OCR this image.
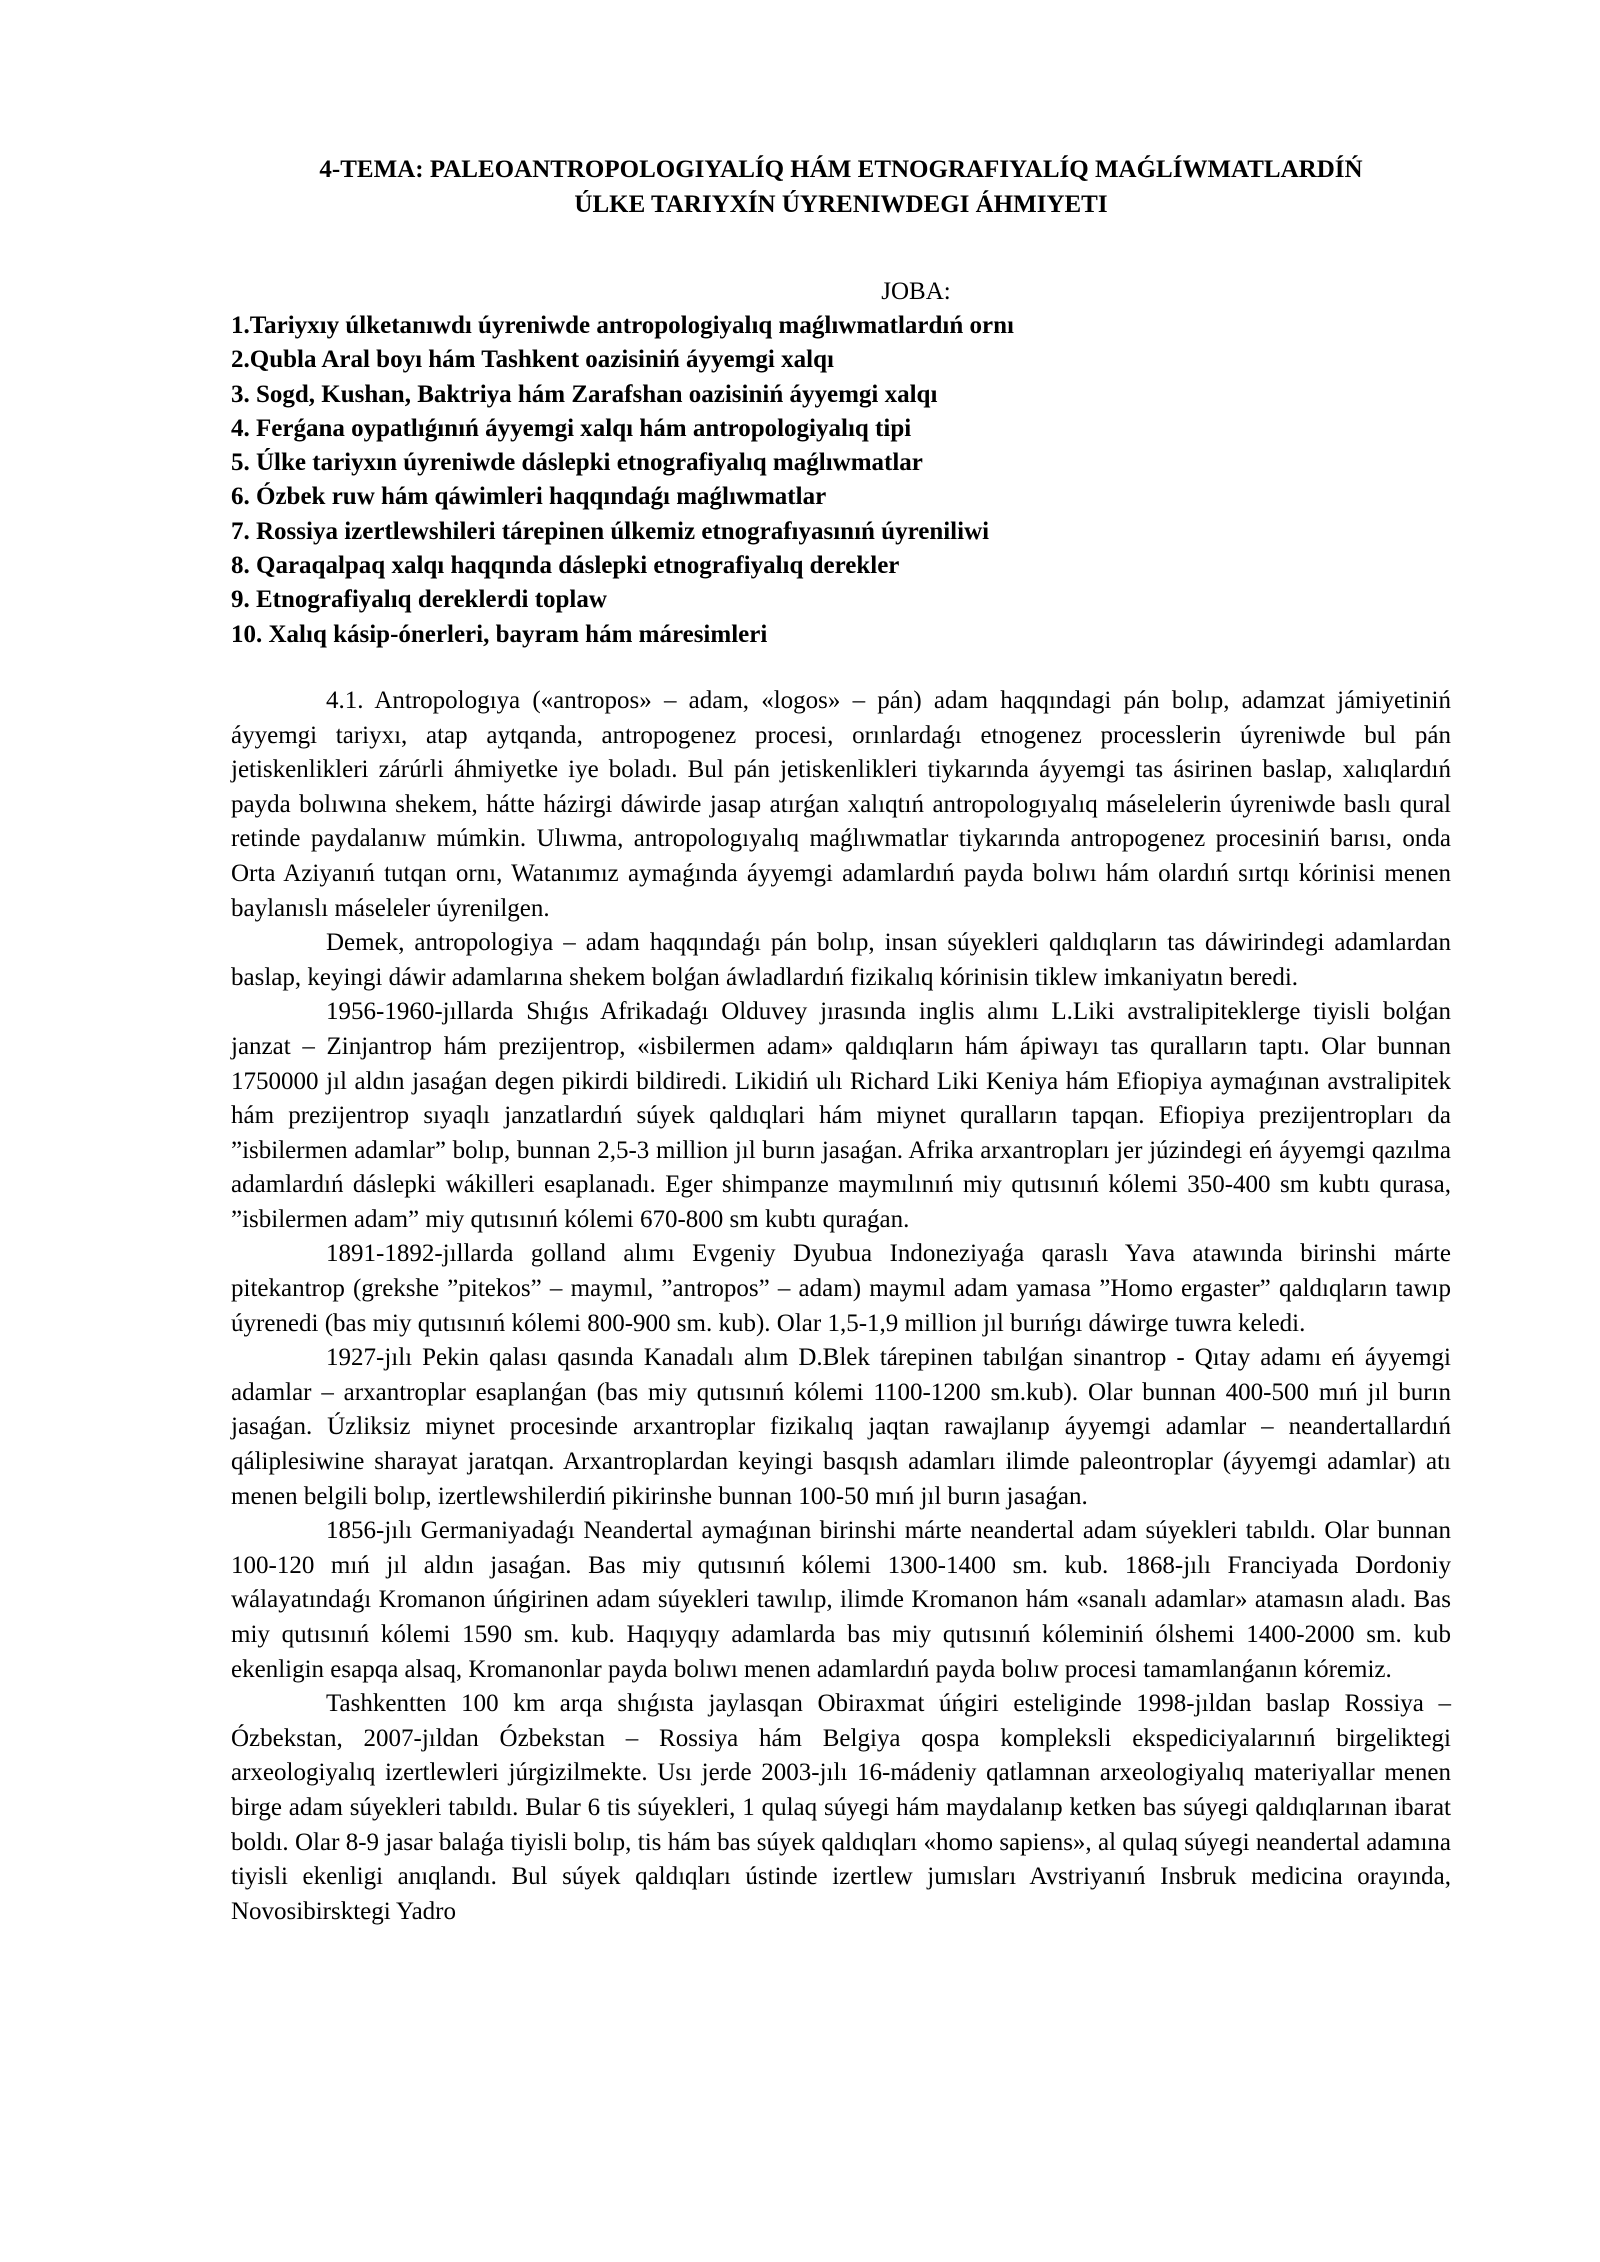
4-TEMA: PALEOANTROPOLOGIYALÍQ HÁM ETNOGRAFIYALÍQ MAǴLÍWMATLARDÍŃ
ÚLKE TARIYXÍN ÚYRENIWDEGI ÁHMIYETI
JOBA:
1.Tariyxıy úlketanıwdı úyreniwde antropologiyalıq maǵlıwmatlardıń ornı
2.Qubla Aral boyı hám Tashkent oazisiniń áyyemgi xalqı
3. Sogd, Kushan, Baktriya hám Zarafshan oazisiniń áyyemgi xalqı
4. Ferǵana oypatlıǵınıń áyyemgi xalqı hám antropologiyalıq tipi
5. Úlke tariyxın úyreniwde dáslepki etnografiyalıq maǵlıwmatlar
6. Ózbek ruw hám qáwimleri haqqındaǵı maǵlıwmatlar
7. Rossiya izertlewshileri tárepinen úlkemiz etnografıyasınıń úyreniliwi
8. Qaraqalpaq xalqı haqqında dáslepki etnografiyalıq derekler
9. Etnografiyalıq dereklerdi toplaw
10. Xalıq kásip-ónerleri, bayram hám máresimleri

4.1. Antropologıya («antropos» – adam, «logos» – pán) adam haqqındagi pán bolıp, adamzat jámiyetiniń áyyemgi tariyxı, atap aytqanda, antropogenez procesi, orınlardaǵı etnogenez processlerin úyreniwde bul pán jetiskenlikleri zárúrli áhmiyetke iye boladı. Bul pán jetiskenlikleri tiykarında áyyemgi tas ásirinen baslap, xalıqlardıń payda bolıwına shekem, hátte házirgi dáwirde jasap atırǵan xalıqtıń antropologıyalıq máselelerin úyreniwde baslı qural retinde paydalanıw múmkin. Ulıwma, antropologıyalıq maǵlıwmatlar tiykarında antropogenez procesiniń barısı, onda Orta Aziyanıń tutqan ornı, Watanımız aymaǵında áyyemgi adamlardıń payda bolıwı hám olardıń sırtqı kórinisi menen baylanıslı máseleler úyrenilgen.

Demek, antropologiya – adam haqqındaǵı pán bolıp, insan súyekleri qaldıqların tas dáwirindegi adamlardan baslap, keyingi dáwir adamlarına shekem bolǵan áwladlardıń fizikalıq kórinisin tiklew imkaniyatın beredi.

1956-1960-jıllarda Shıǵıs Afrikadaǵı Olduvey jırasında inglis alımı L.Liki avstralipiteklerge tiyisli bolǵan janzat – Zinjantrop hám prezijentrop, «isbilermen adam» qaldıqların hám ápiwayı tas quralların taptı. Olar bunnan 1750000 jıl aldın jasaǵan degen pikirdi bildiredi. Likidiń ulı Richard Liki Keniya hám Efiopiya aymaǵınan avstralipitek hám prezijentrop sıyaqlı janzatlardıń súyek qaldıqlari hám miynet quralların tapqan. Efiopiya prezijentropları da ”isbilermen adamlar” bolıp, bunnan 2,5-3 million jıl burın jasaǵan. Afrika arxantropları jer júzindegi eń áyyemgi qazılma adamlardıń dáslepki wákilleri esaplanadı. Eger shimpanze maymılınıń miy qutısınıń kólemi 350-400 sm kubtı qurasa, ”isbilermen adam” miy qutısınıń kólemi 670-800 sm kubtı quraǵan.

1891-1892-jıllarda golland alımı Evgeniy Dyubua Indoneziyaǵa qaraslı Yava atawında birinshi márte pitekantrop (grekshe ”pitekos” – maymıl, ”antropos” – adam) maymıl adam yamasa ”Homo ergaster” qaldıqların tawıp úyrenedi (bas miy qutısınıń kólemi 800-900 sm. kub). Olar 1,5-1,9 million jıl burıńgı dáwirge tuwra keledi.

1927-jılı Pekin qalası qasında Kanadalı alım D.Blek tárepinen tabılǵan sinantrop - Qıtay adamı eń áyyemgi adamlar – arxantroplar esaplanǵan (bas miy qutısınıń kólemi 1100-1200 sm.kub). Olar bunnan 400-500 mıń jıl burın jasaǵan. Úzliksiz miynet procesinde arxantroplar fizikalıq jaqtan rawajlanıp áyyemgi adamlar – neandertallardıń qáliplesiwine sharayat jaratqan. Arxantroplardan keyingi basqısh adamları ilimde paleontroplar (áyyemgi adamlar) atı menen belgili bolıp, izertlewshilerdiń pikirinshe bunnan 100-50 mıń jıl burın jasaǵan.

1856-jılı Germaniyadaǵı Neandertal aymaǵınan birinshi márte neandertal adam súyekleri tabıldı. Olar bunnan 100-120 mıń jıl aldın jasaǵan. Bas miy qutısınıń kólemi 1300-1400 sm. kub. 1868-jılı Franciyada Dordoniy wálayatındaǵı Kromanon úńgirinen adam súyekleri tawılıp, ilimde Kromanon hám «sanalı adamlar» atamasın aladı. Bas miy qutısınıń kólemi 1590 sm. kub. Haqıyqıy adamlarda bas miy qutısınıń kóleminiń ólshemi 1400-2000 sm. kub ekenligin esapqa alsaq, Kromanonlar payda bolıwı menen adamlardıń payda bolıw procesi tamamlanǵanın kóremiz.

Tashkentten 100 km arqa shıǵısta jaylasqan Obiraxmat úńgiri esteliginde 1998-jıldan baslap Rossiya – Ózbekstan, 2007-jıldan Ózbekstan – Rossiya hám Belgiya qospa kompleksli ekspediciyalarınıń birgeliktegi arxeologiyalıq izertlewleri júrgizilmekte. Usı jerde 2003-jılı 16-mádeniy qatlamnan arxeologiyalıq materiyallar menen birge adam súyekleri tabıldı. Bular 6 tis súyekleri, 1 qulaq súyegi hám maydalanıp ketken bas súyegi qaldıqlarınan ibarat boldı. Olar 8-9 jasar balaǵa tiyisli bolıp, tis hám bas súyek qaldıqları «homo sapiens», al qulaq súyegi neandertal adamına tiyisli ekenligi anıqlandı. Bul súyek qaldıqları ústinde izertlew jumısları Avstriyanıń Insbruk medicina orayında, Novosibirsktegi Yadro
